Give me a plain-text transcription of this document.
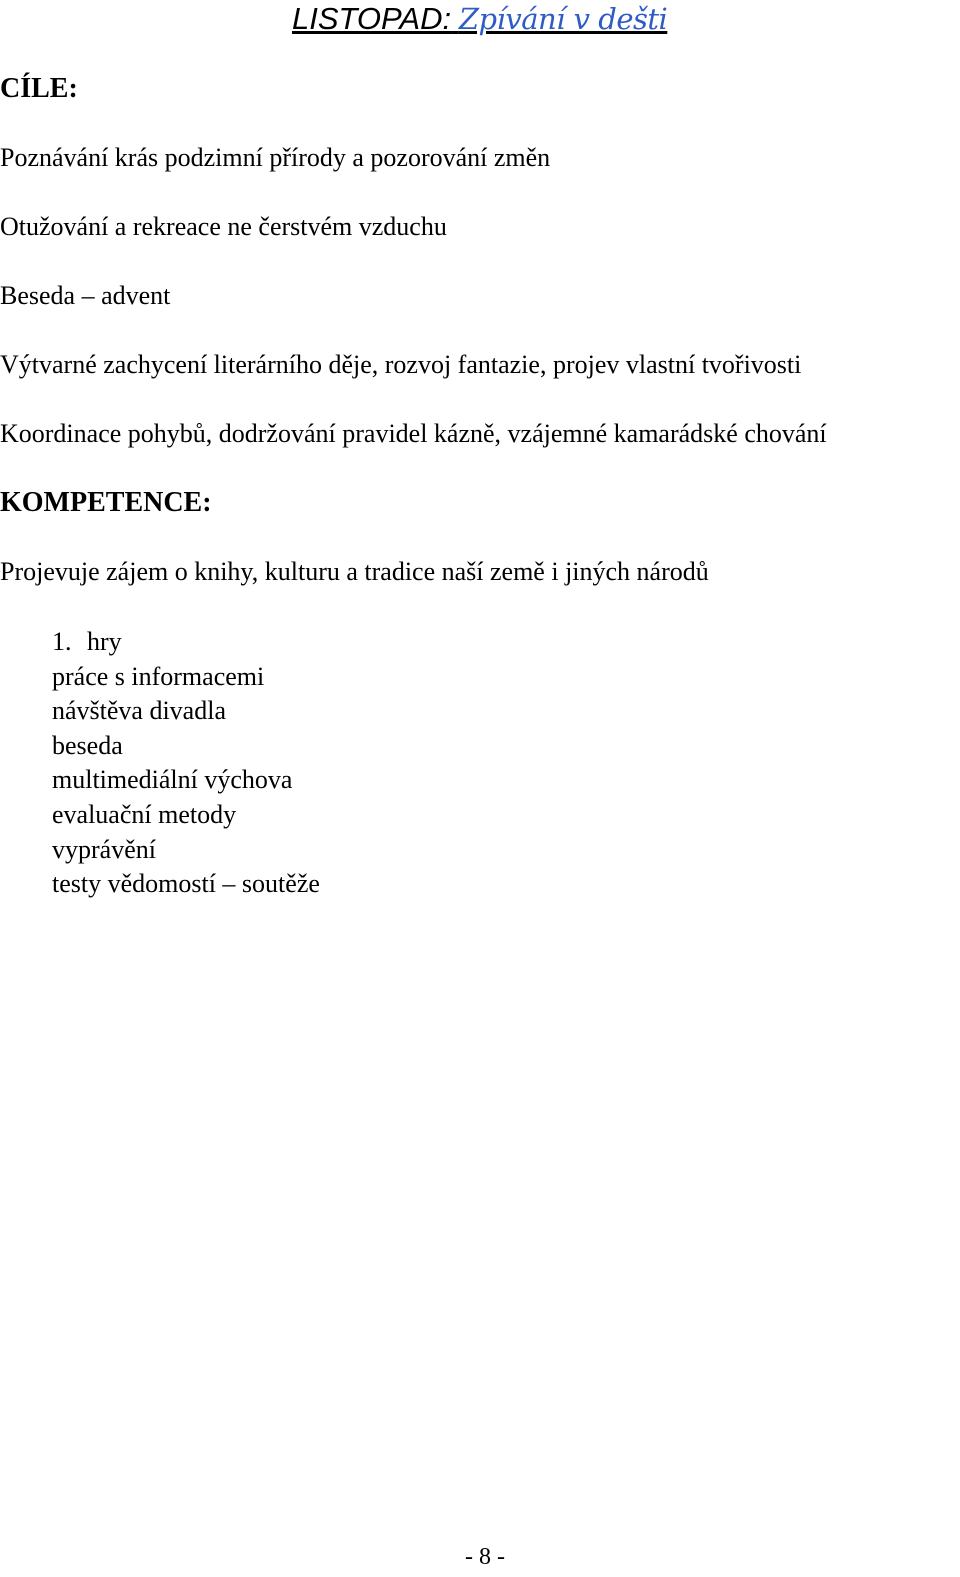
LISTOPAD: Zpívání v dešti
CÍLE:
Poznávání krás podzimní přírody a pozorování změn
Otužování a rekreace ne čerstvém vzduchu
Beseda – advent
Výtvarné zachycení literárního děje, rozvoj fantazie, projev vlastní tvořivosti
Koordinace pohybů, dodržování pravidel kázně, vzájemné kamarádské chování
KOMPETENCE:
Projevuje zájem o knihy, kulturu a tradice naší země i jiných národů
1. hry
práce s informacemi
návštěva divadla
beseda
multimediální výchova
evaluační metody
vyprávění
testy vědomostí – soutěže
- 8 -
